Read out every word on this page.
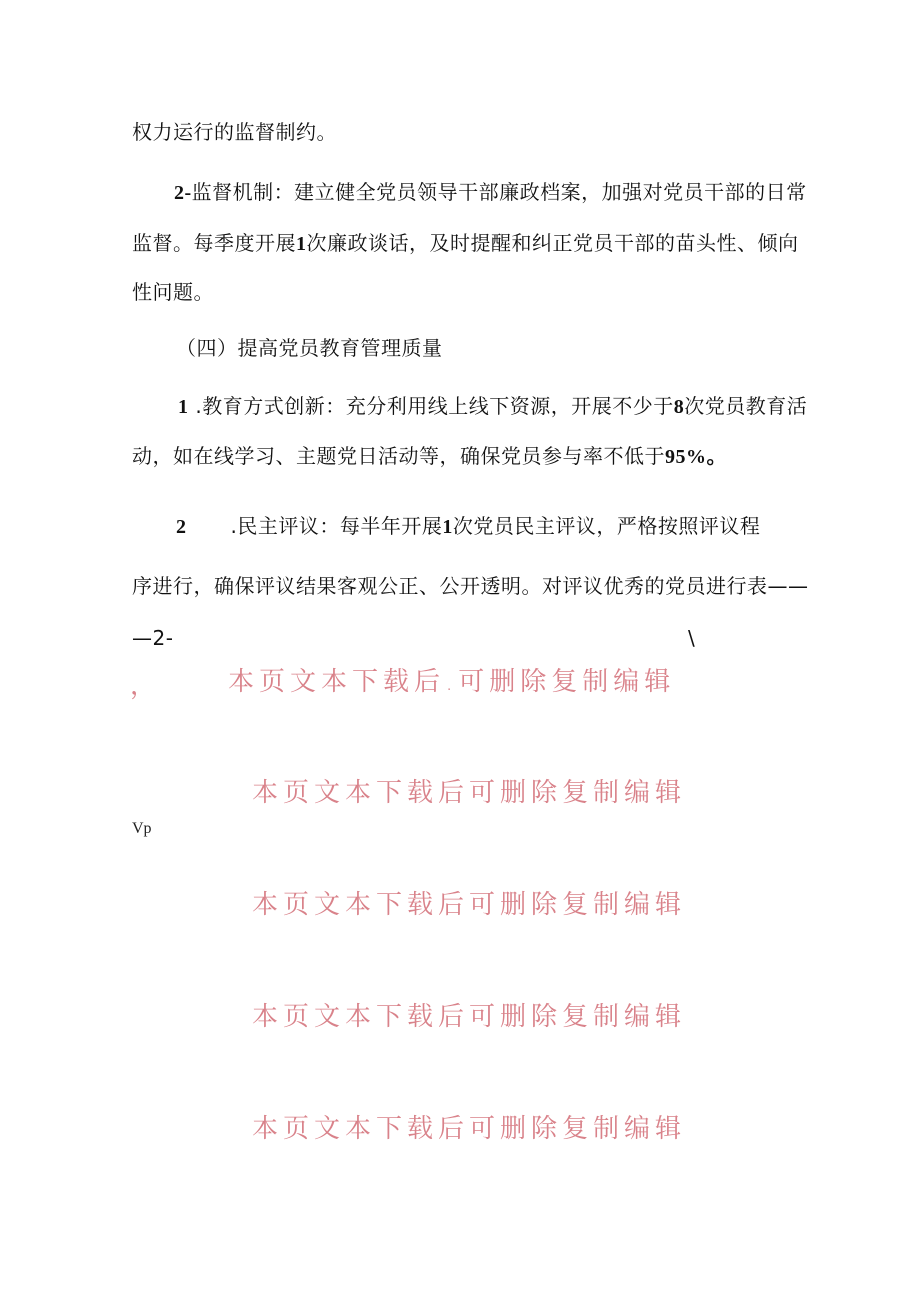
权力运行的监督制约。
2-监督机制：建立健全党员领导干部廉政档案，加强对党员干部的日常
监督。每季度开展1次廉政谈话，及时提醒和纠正党员干部的苗头性、倾向
性问题。
（四）提高党员教育管理质量
1 .教育方式创新：充分利用线上线下资源，开展不少于8次党员教育活
动，如在线学习、主题党日活动等，确保党员参与率不低于95%。
2 .民主评议：每半年开展1次党员民主评议，严格按照评议程
序进行，确保评议结果客观公正、公开透明。对评议优秀的党员进行表——
—2-	\
，	本页文本下载后.可删除复制编辑
本页文本下载后可删除复制编辑
Vp
本页文本下载后可删除复制编辑
本页文本下载后可删除复制编辑
本页文本下载后可删除复制编辑
